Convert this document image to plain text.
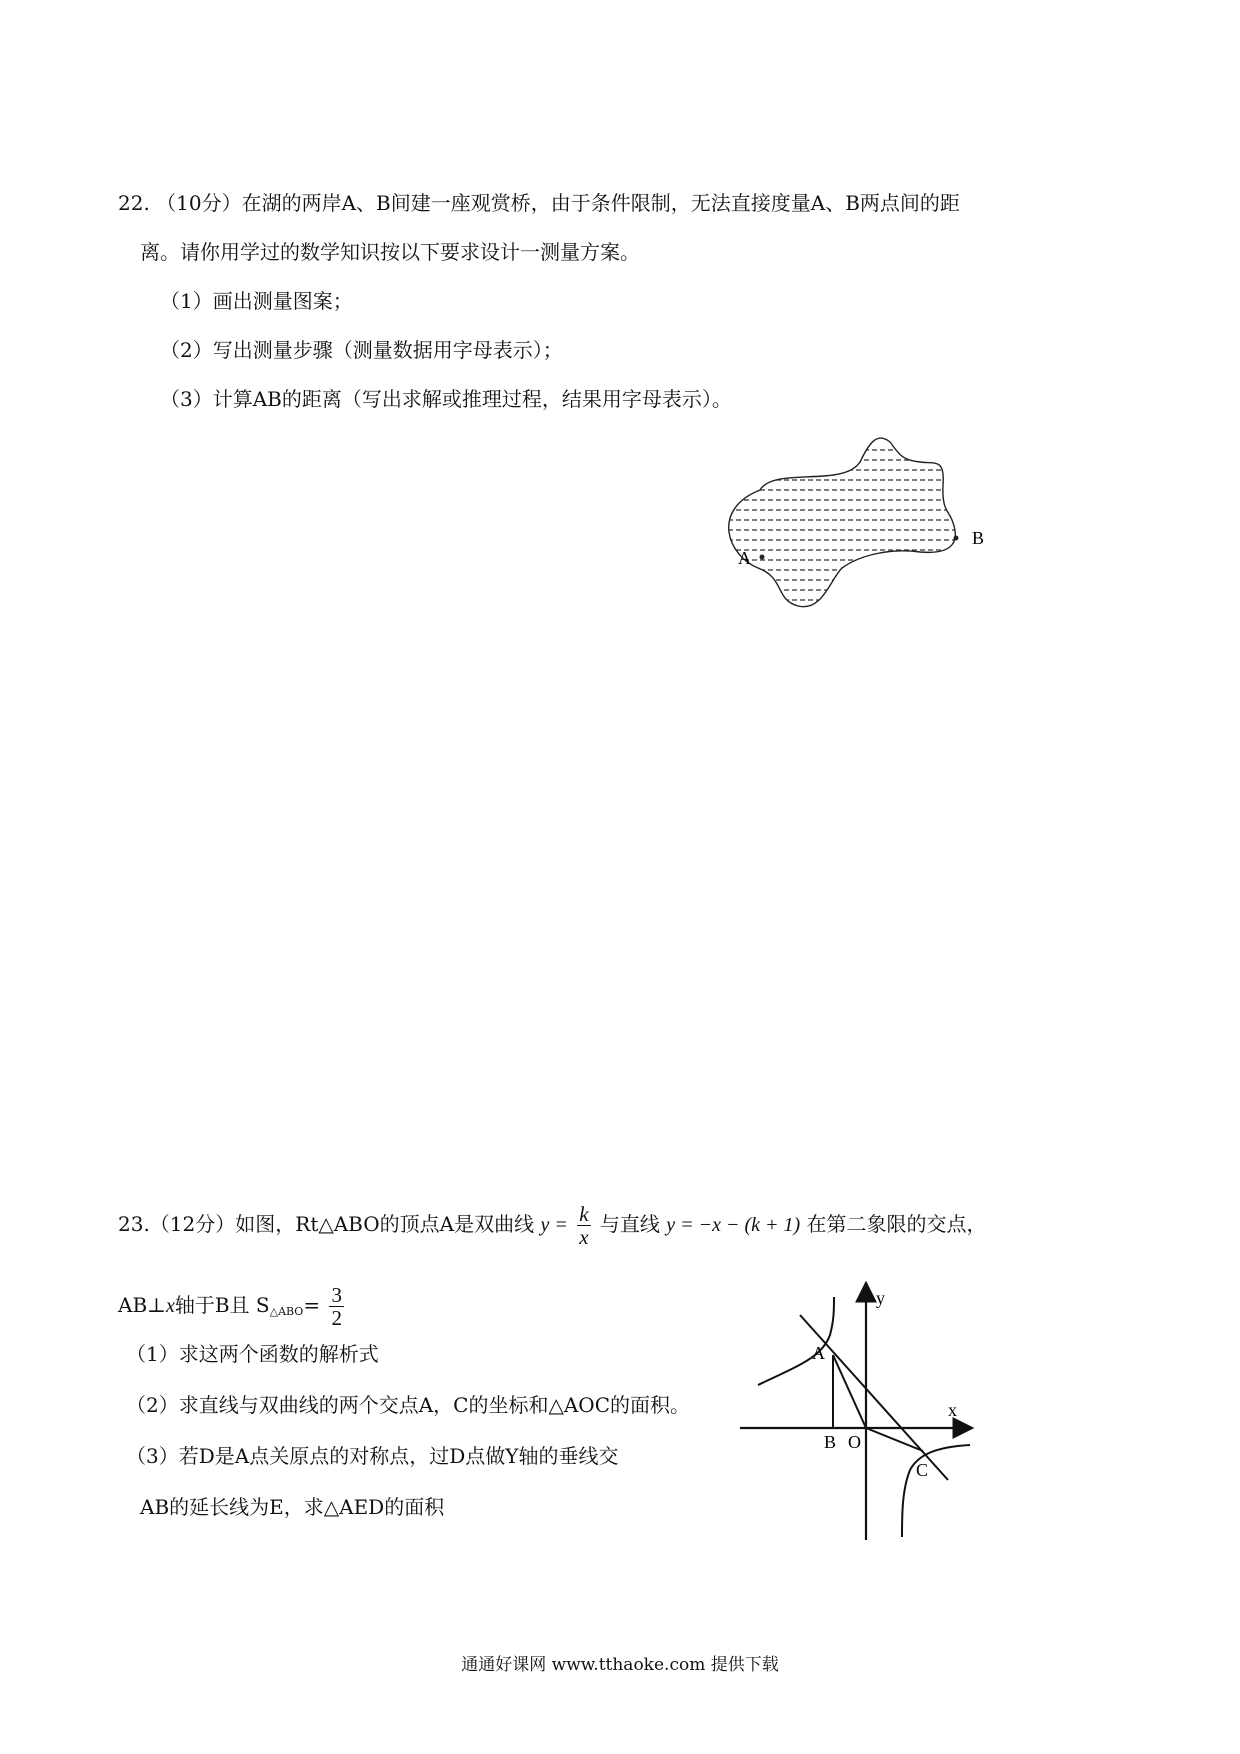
22. （10分）在湖的两岸A、B间建一座观赏桥，由于条件限制，无法直接度量A、B两点间的距
离。请你用学过的数学知识按以下要求设计一测量方案。
（1）画出测量图案；
（2）写出测量步骤（测量数据用字母表示）；
（3）计算AB的距离（写出求解或推理过程，结果用字母表示）。
A
B
23.（12分）如图，Rt△ABO的顶点A是双曲线 $y = \frac{k}{x}$ 与直线 y = −x − (k + 1) 在第二象限的交点，
AB⊥x轴于B且 $S_{\triangle ABO}= \frac{3}{2}$
（1）求这两个函数的解析式
（2）求直线与双曲线的两个交点A，C的坐标和△AOC的面积。
（3）若D是A点关原点的对称点，过D点做Y轴的垂线交
AB的延长线为E，求△AED的面积
y
x
A
B O
C
通通好课网 www.tthaoke.com 提供下载
